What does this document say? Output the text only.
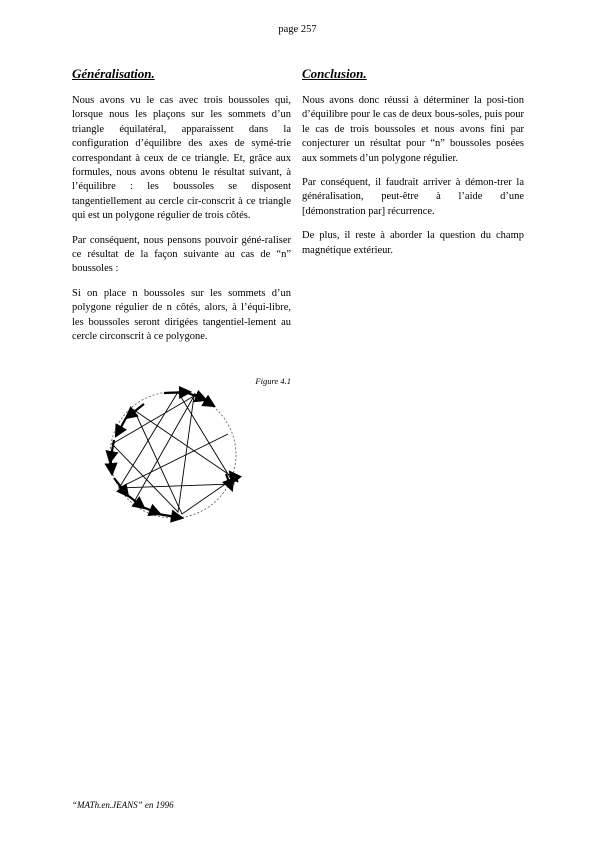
page 257
Généralisation.

Nous avons vu le cas avec trois boussoles qui, lorsque nous les plaçons sur les sommets d’un triangle équilatéral, apparaissent dans la configuration d’équilibre des axes de symé-trie correspondant à ceux de ce triangle. Et, grâce aux formules, nous avons obtenu le résultat suivant, à l’équilibre : les boussoles se disposent tangentiellement au cercle cir-conscrit à ce triangle qui est un polygone régulier de trois côtés.

Par conséquent, nous pensons pouvoir géné-raliser ce résultat de la façon suivante au cas de “n” boussoles :

Si on place n boussoles sur les sommets d’un polygone régulier de n côtés, alors, à l’équi-libre, les boussoles seront dirigées tangentiel-lement au cercle circonscrit à ce polygone.

Conclusion.

Nous avons donc réussi à déterminer la posi-tion d’équilibre pour le cas de deux bous-soles, puis pour le cas de trois boussoles et nous avons fini par conjecturer un résultat pour “n” boussoles posées aux sommets d’un polygone régulier.

Par conséquent, il faudrait arriver à démon-trer la généralisation, peut-être à l’aide d’une [démonstration par] récurrence.

De plus, il reste à aborder la question du champ magnétique extérieur.

Figure 4.1
“MATh.en.JEANS” en 1996
